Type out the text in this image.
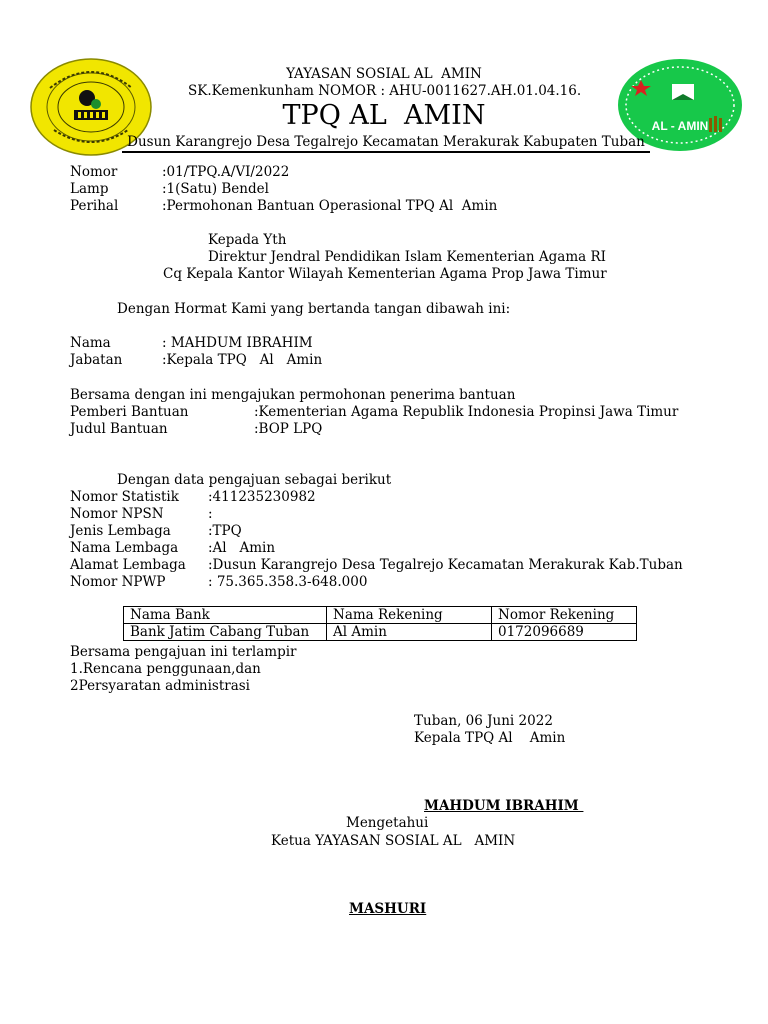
AL - AMIN
YAYASAN SOSIAL AL  AMIN
SK.Kemenkunham NOMOR : AHU-0011627.AH.01.04.16.
TPQ AL  AMIN
Dusun Karangrejo Desa Tegalrejo Kecamatan Merakurak Kabupaten Tuban
Nomor	:01/TPQ.A/VI/2022
Lamp	:1(Satu) Bendel
Perihal	:Permohonan Bantuan Operasional TPQ Al  Amin
Kepada Yth
Direktur Jendral Pendidikan Islam Kementerian Agama RI
Cq Kepala Kantor Wilayah Kementerian Agama Prop Jawa Timur
Dengan Hormat Kami yang bertanda tangan dibawah ini:
Nama	: MAHDUM IBRAHIM
Jabatan	:Kepala TPQ   Al   Amin
Bersama dengan ini mengajukan permohonan penerima bantuan
Pemberi Bantuan	:Kementerian Agama Republik Indonesia Propinsi Jawa Timur
Judul Bantuan	:BOP LPQ
Dengan data pengajuan sebagai berikut
Nomor Statistik :411235230982
Nomor NPSN	:
Jenis Lembaga	:TPQ
Nama Lembaga :Al   Amin
Alamat Lembaga :Dusun Karangrejo Desa Tegalrejo Kecamatan Merakurak Kab.Tuban
Nomor NPWP	: 75.365.358.3-648.000
Nama Bank	Nama Rekening	Nomor Rekening
Bank Jatim Cabang Tuban	Al Amin	0172096689
Bersama pengajuan ini terlampir
1.Rencana penggunaan,dan
2Persyaratan administrasi
Tuban, 06 Juni 2022
Kepala TPQ Al    Amin
MAHDUM IBRAHIM
Mengetahui
Ketua YAYASAN SOSIAL AL   AMIN
MASHURI
